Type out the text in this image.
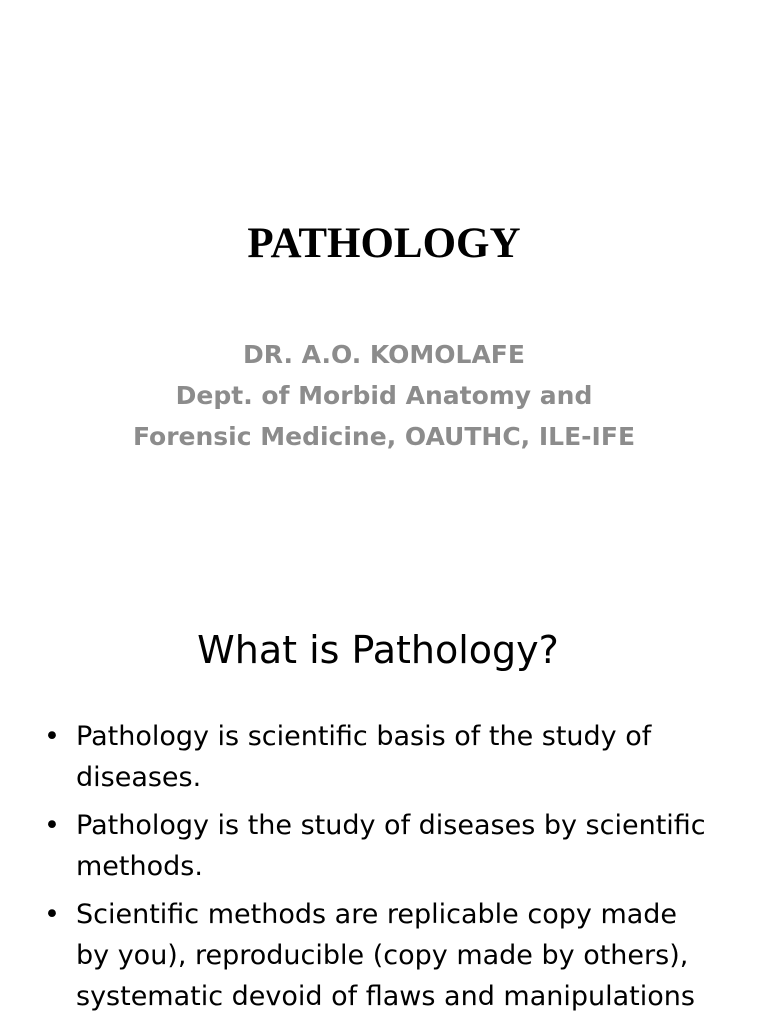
PATHOLOGY
DR. A.O. KOMOLAFE
Dept. of Morbid Anatomy and
Forensic Medicine, OAUTHC, ILE-IFE
What is Pathology?
• Pathology is scientific basis of the study of
diseases.
• Pathology is the study of diseases by scientific
methods.
• Scientific methods are replicable copy made
by you), reproducible (copy made by others),
systematic devoid of flaws and manipulations
